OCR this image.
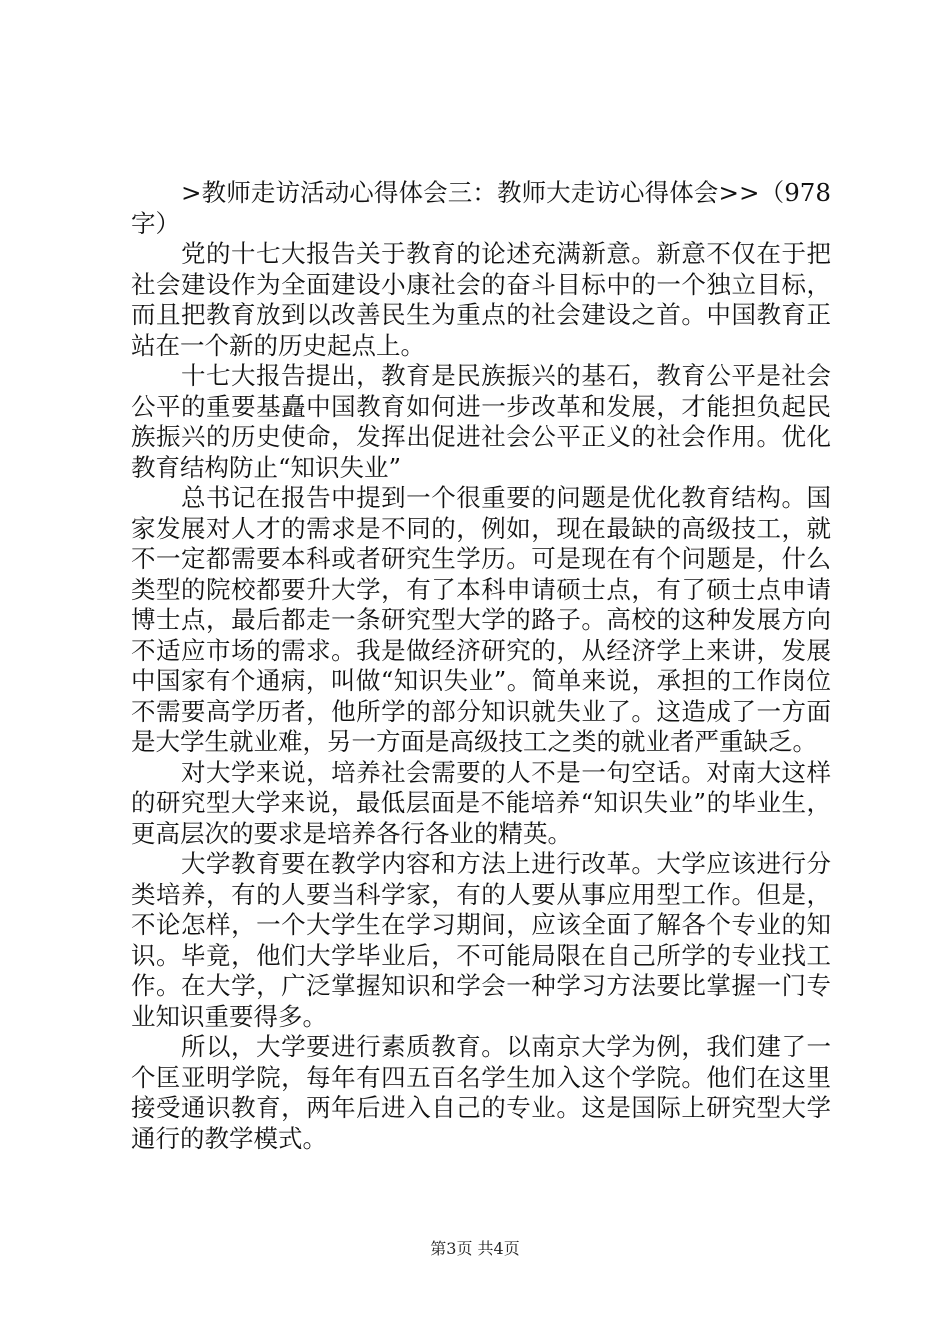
>教师走访活动心得体会三：教师大走访心得体会>>（978字）

党的十七大报告关于教育的论述充满新意。新意不仅在于把社会建设作为全面建设小康社会的奋斗目标中的一个独立目标，而且把教育放到以改善民生为重点的社会建设之首。中国教育正站在一个新的历史起点上。

十七大报告提出，教育是民族振兴的基石，教育公平是社会公平的重要基矗中国教育如何进一步改革和发展，才能担负起民族振兴的历史使命，发挥出促进社会公平正义的社会作用。优化教育结构防止“知识失业”

总书记在报告中提到一个很重要的问题是优化教育结构。国家发展对人才的需求是不同的，例如，现在最缺的高级技工，就不一定都需要本科或者研究生学历。可是现在有个问题是，什么类型的院校都要升大学，有了本科申请硕士点，有了硕士点申请博士点，最后都走一条研究型大学的路子。高校的这种发展方向不适应市场的需求。我是做经济研究的，从经济学上来讲，发展中国家有个通病，叫做“知识失业”。简单来说，承担的工作岗位不需要高学历者，他所学的部分知识就失业了。这造成了一方面是大学生就业难，另一方面是高级技工之类的就业者严重缺乏。

对大学来说，培养社会需要的人不是一句空话。对南大这样的研究型大学来说，最低层面是不能培养“知识失业”的毕业生，更高层次的要求是培养各行各业的精英。

大学教育要在教学内容和方法上进行改革。大学应该进行分类培养，有的人要当科学家，有的人要从事应用型工作。但是，不论怎样，一个大学生在学习期间，应该全面了解各个专业的知识。毕竟，他们大学毕业后，不可能局限在自己所学的专业找工作。在大学，广泛掌握知识和学会一种学习方法要比掌握一门专业知识重要得多。

所以，大学要进行素质教育。以南京大学为例，我们建了一个匡亚明学院，每年有四五百名学生加入这个学院。他们在这里接受通识教育，两年后进入自己的专业。这是国际上研究型大学通行的教学模式。

第3页 共4页
